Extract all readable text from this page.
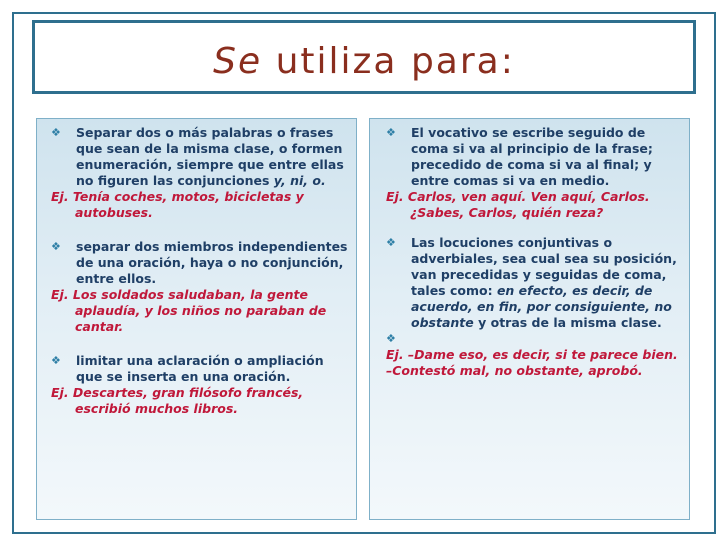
Se utiliza para:
❖ Separar dos o más palabras o frases que sean de la misma clase, o formen enumeración, siempre que entre ellas no figuren las conjunciones y, ni, o.
Ej. Tenía coches, motos, bicicletas y autobuses.
❖ separar dos miembros independientes de una oración, haya o no conjunción, entre ellos.
Ej. Los soldados saludaban, la gente aplaudía, y los niños no paraban de cantar.
❖ limitar una aclaración o ampliación que se inserta en una oración.
Ej. Descartes, gran filósofo francés, escribió muchos libros.
❖ El vocativo se escribe seguido de coma si va al principio de la frase; precedido de coma si va al final; y entre comas si va en medio.
Ej. Carlos, ven aquí. Ven aquí, Carlos. ¿Sabes, Carlos, quién reza?
❖ Las locuciones conjuntivas o adverbiales, sea cual sea su posición, van precedidas y seguidas de coma, tales como: en efecto, es decir, de acuerdo, en fin, por consiguiente, no obstante y otras de la misma clase.
❖

Ej. –Dame eso, es decir, si te parece bien.
–Contestó mal, no obstante, aprobó.
